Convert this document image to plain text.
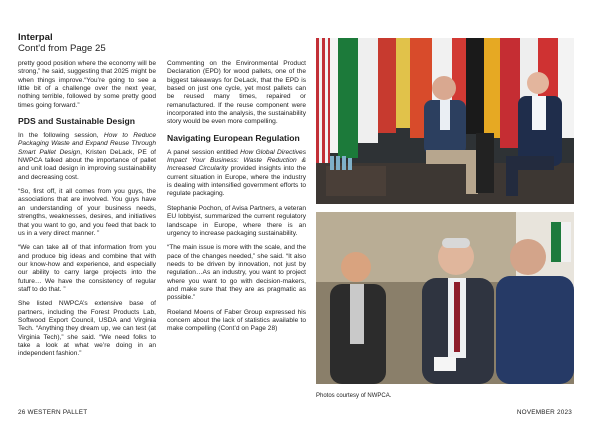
Interpal
Cont'd from Page 25

pretty good position where the economy will be strong,” he said, suggesting that 2025 might be when things improve.“You’re going to see a little bit of a challenge over the next year, nothing terrible, followed by some pretty good times going forward.”

PDS and Sustainable Design

In the following session, How to Reduce Packaging Waste and Expand Reuse Through Smart Pallet Design, Kristen DeLack, PE of NWPCA talked about the importance of pallet and unit load design in improving sustainability and decreasing cost.

“So, first off, it all comes from you guys, the associations that are involved. You guys have an understanding of your business needs, strengths, weaknesses, desires, and initiatives that you want to go, and you feed that back to us in a very direct manner. ”

“We can take all of that information from you and produce big ideas and combine that with our know-how and experience, and especially our ability to carry large projects into the future… We have the consistency of regular staff to do that. ”

She listed NWPCA’s extensive base of partners, including the Forest Products Lab, Softwood Export Council, USDA and Virginia Tech. “Anything they dream up, we can test (at Virginia Tech),” she said. “We need folks to take a look at what we’re doing in an independent fashion.”

Commenting on the Environmental Product Declaration (EPD) for wood pallets, one of the biggest takeaways for DeLack, that the EPD is based on just one cycle, yet most pallets can be reused many times, repaired or remanufactured. If the reuse component were incorporated into the analysis, the sustainability story would be even more compelling.

Navigating European Regulation

A panel session entitled How Global Directives Impact Your Business: Waste Reduction & Increased Circularity provided insights into the current situation in Europe, where the industry is dealing with intensified government efforts to regulate packaging.

Stephanie Pochon, of Avisa Partners, a veteran EU lobbyist, summarized the current regulatory landscape in Europe, where there is an urgency to increase packaging sustainability.

“The main issue is more with the scale, and the pace of the changes needed,” she said. “It also needs to be driven by innovation, not just by regulation…As an industry, you want to project where you want to go with decision-makers, and make sure that they are as pragmatic as possible.”

Roeland Moens of Faber Group expressed his concern about the lack of statistics available to make compelling (Cont’d on Page 28)

Photos courtesy of NWPCA.
26 WESTERN PALLET	NOVEMBER 2023
